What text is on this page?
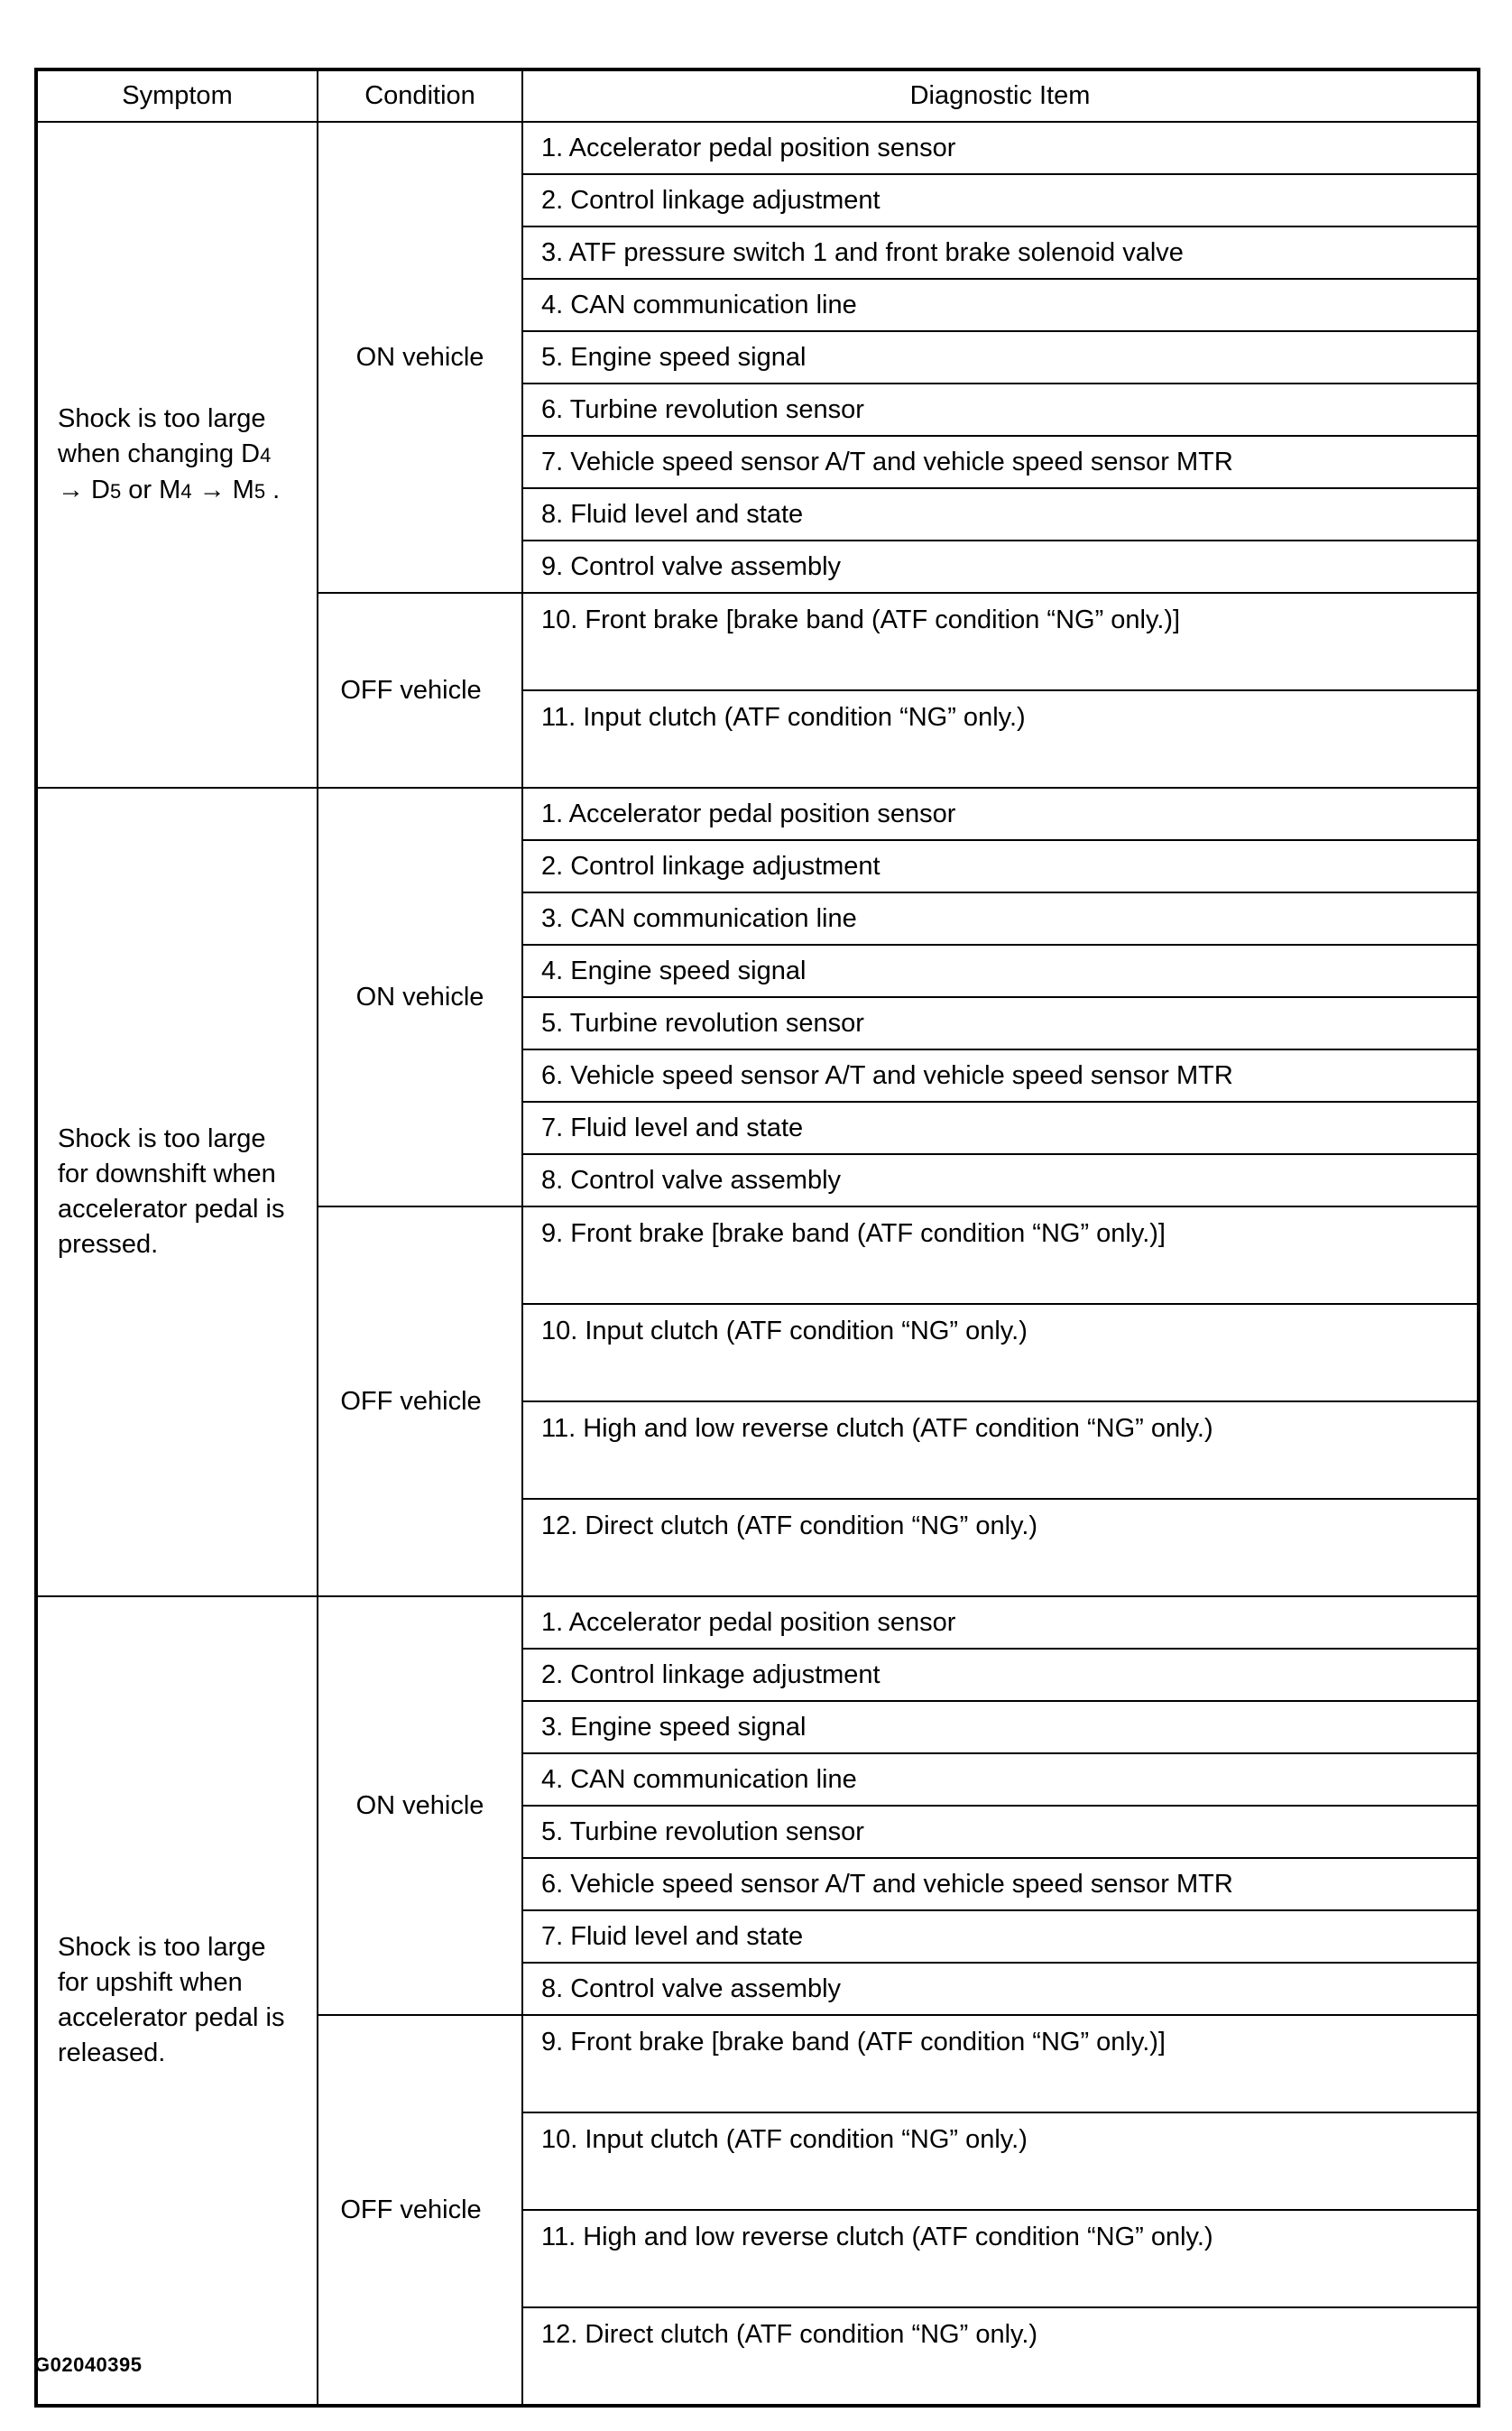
Symptom	Condition	Diagnostic Item

Shock is too large
when changing D4
→ D5 or M4 → M5 .	ON vehicle	1. Accelerator pedal position sensor
		2. Control linkage adjustment
		3. ATF pressure switch 1 and front brake solenoid valve
		4. CAN communication line
		5. Engine speed signal
		6. Turbine revolution sensor
		7. Vehicle speed sensor A/T and vehicle speed sensor MTR
		8. Fluid level and state
		9. Control valve assembly
	OFF vehicle	10. Front brake [brake band (ATF condition “NG” only.)]
		11. Input clutch (ATF condition “NG” only.)

Shock is too large
for downshift when
accelerator pedal is
pressed.	ON vehicle	1. Accelerator pedal position sensor
		2. Control linkage adjustment
		3. CAN communication line
		4. Engine speed signal
		5. Turbine revolution sensor
		6. Vehicle speed sensor A/T and vehicle speed sensor MTR
		7. Fluid level and state
		8. Control valve assembly
	OFF vehicle	9. Front brake [brake band (ATF condition “NG” only.)]
		10. Input clutch (ATF condition “NG” only.)
		11. High and low reverse clutch (ATF condition “NG” only.)
		12. Direct clutch (ATF condition “NG” only.)

Shock is too large
for upshift when
accelerator pedal is
released.	ON vehicle	1. Accelerator pedal position sensor
		2. Control linkage adjustment
		3. Engine speed signal
		4. CAN communication line
		5. Turbine revolution sensor
		6. Vehicle speed sensor A/T and vehicle speed sensor MTR
		7. Fluid level and state
		8. Control valve assembly
	OFF vehicle	9. Front brake [brake band (ATF condition “NG” only.)]
		10. Input clutch (ATF condition “NG” only.)
		11. High and low reverse clutch (ATF condition “NG” only.)
		12. Direct clutch (ATF condition “NG” only.)
G02040395
